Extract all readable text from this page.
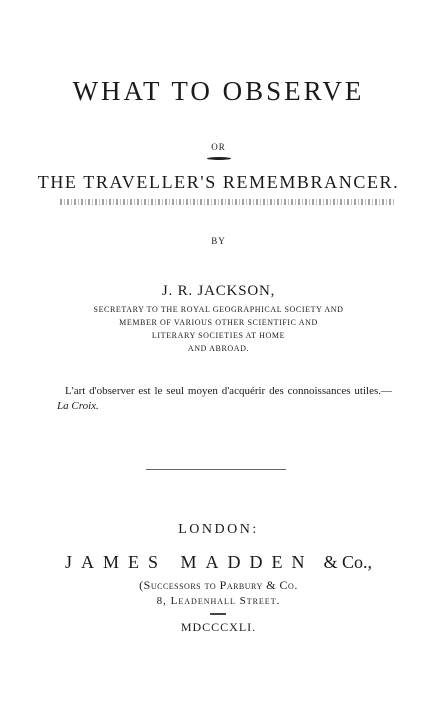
WHAT TO OBSERVE
OR
THE TRAVELLER'S REMEMBRANCER.
BY
J. R. JACKSON,
SECRETARY TO THE ROYAL GEOGRAPHICAL SOCIETY AND
MEMBER OF VARIOUS OTHER SCIENTIFIC AND
LITERARY SOCIETIES AT HOME
AND ABROAD.
L'art d'observer est le seul moyen d'acquérir des connoissances utiles.—La Croix.
LONDON:
JAMES MADDEN & Co.,
(Successors to Parbury & Co.
8, Leadenhall Street.
MDCCCXLI.
